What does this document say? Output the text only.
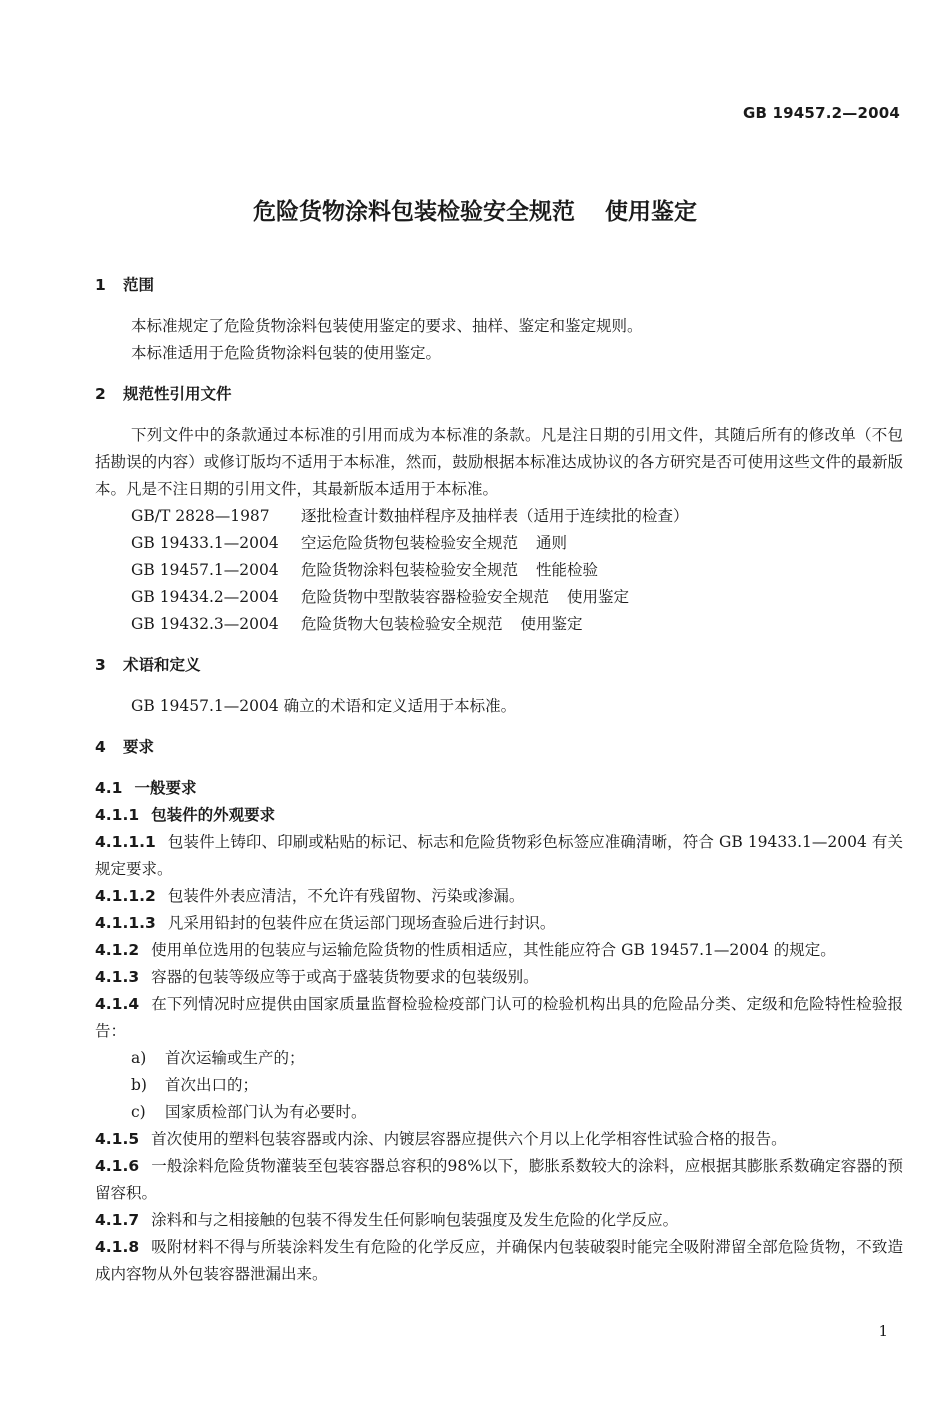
GB 19457.2—2004
危险货物涂料包装检验安全规范 使用鉴定
1 范围
本标准规定了危险货物涂料包装使用鉴定的要求、抽样、鉴定和鉴定规则。
本标准适用于危险货物涂料包装的使用鉴定。
2 规范性引用文件
下列文件中的条款通过本标准的引用而成为本标准的条款。凡是注日期的引用文件，其随后所有的修改单（不包括勘误的内容）或修订版均不适用于本标准，然而，鼓励根据本标准达成协议的各方研究是否可使用这些文件的最新版本。凡是不注日期的引用文件，其最新版本适用于本标准。
GB/T 2828—1987	逐批检查计数抽样程序及抽样表（适用于连续批的检查）
GB 19433.1—2004	空运危险货物包装检验安全规范 通则
GB 19457.1—2004	危险货物涂料包装检验安全规范 性能检验
GB 19434.2—2004	危险货物中型散装容器检验安全规范 使用鉴定
GB 19432.3—2004	危险货物大包装检验安全规范 使用鉴定
3 术语和定义
GB 19457.1—2004 确立的术语和定义适用于本标准。
4 要求
4.1 一般要求
4.1.1 包装件的外观要求
4.1.1.1 包装件上铸印、印刷或粘贴的标记、标志和危险货物彩色标签应准确清晰，符合 GB 19433.1—2004 有关规定要求。
4.1.1.2 包装件外表应清洁，不允许有残留物、污染或渗漏。
4.1.1.3 凡采用铅封的包装件应在货运部门现场查验后进行封识。
4.1.2 使用单位选用的包装应与运输危险货物的性质相适应，其性能应符合 GB 19457.1—2004 的规定。
4.1.3 容器的包装等级应等于或高于盛装货物要求的包装级别。
4.1.4 在下列情况时应提供由国家质量监督检验检疫部门认可的检验机构出具的危险品分类、定级和危险特性检验报告：
a) 首次运输或生产的；
b) 首次出口的；
c) 国家质检部门认为有必要时。
4.1.5 首次使用的塑料包装容器或内涂、内镀层容器应提供六个月以上化学相容性试验合格的报告。
4.1.6 一般涂料危险货物灌装至包装容器总容积的98%以下，膨胀系数较大的涂料，应根据其膨胀系数确定容器的预留容积。
4.1.7 涂料和与之相接触的包装不得发生任何影响包装强度及发生危险的化学反应。
4.1.8 吸附材料不得与所装涂料发生有危险的化学反应，并确保内包装破裂时能完全吸附滞留全部危险货物，不致造成内容物从外包装容器泄漏出来。
1
